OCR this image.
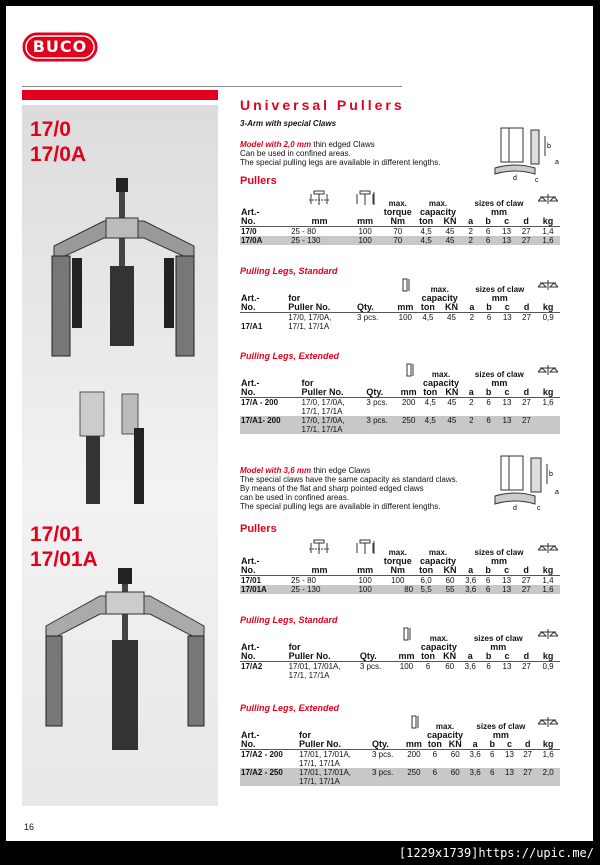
BUCO
17/0
17/0A
17/01
17/01A
Universal Pullers
3-Arm with special Claws
Model with 2,0 mm thin edged Claws
Can be used in confined areas.
The special pulling legs are available in different lengths.
b
a
d	c
Pullers
			max.	max.		sizes of claw	
Art.-			torque	capacity		mm				
No.	mm	mm	Nm	ton	KN	a	b	c	d	kg
17/0	25 - 80	100	70	4,5	45	2	6	13	27	1,4
17/0A	25 - 130	100	70	4,5	45	2	6	13	27	1,6
Pulling Legs, Standard
				max.		sizes of claw	
Art.-	for			capacity		mm				
No.	Puller No.	Qty.	mm	ton	KN	a	b	c	d	kg
17/A1	17/0, 17/0A,
17/1, 17/1A	3 pcs.	100	4,5	45	2	6	13	27	0,9
Pulling Legs, Extended
				max.		sizes of claw	
Art.-	for			capacity		mm				
No.	Puller No.	Qty.	mm	ton	KN	a	b	c	d	kg
17/A - 200	17/0, 17/0A,
17/1, 17/1A	3 pcs.	200	4,5	45	2	6	13	27	1,6
17/A1- 200	17/0, 17/0A,
17/1, 17/1A	3 pcs.	250	4,5	45	2	6	13	27	
Model with 3,6 mm thin edge Claws
The special claws have the same capacity as standard claws.
By means of the flat and sharp pointed edged claws
can be used in confined areas.
The special pulling legs are available in different lengths.
b
a
d	c
Pullers
			max.	max.		sizes of claw	
Art.-			torque	capacity		mm				
No.	mm	mm	Nm	ton	KN	a	b	c	d	kg
17/01	25 - 80	100	100	6,0	60	3,6	6	13	27	1,4
17/01A	25 - 130	100	80	5,5	55	3,6	6	13	27	1,6
Pulling Legs, Standard
				max.		sizes of claw	
Art.-	for			capacity		mm				
No.	Puller No.	Qty.	mm	ton	KN	a	b	c	d	kg
17/A2	17/01, 17/01A,
17/1, 17/1A	3 pcs.	100	6	60	3,6	6	13	27	0,9
Pulling Legs, Extended
				max.		sizes of claw	
Art.-	for			capacity		mm				
No.	Puller No.	Qty.	mm	ton	KN	a	b	c	d	kg
17/A2 - 200	17/01, 17/01A,
17/1, 17/1A	3 pcs.	200	6	60	3,6	6	13	27	1,6
17/A2 - 250	17/01, 17/01A,
17/1, 17/1A	3 pcs.	250	6	60	3,6	6	13	27	2,0
16
[1229x1739]https://upic.me/
